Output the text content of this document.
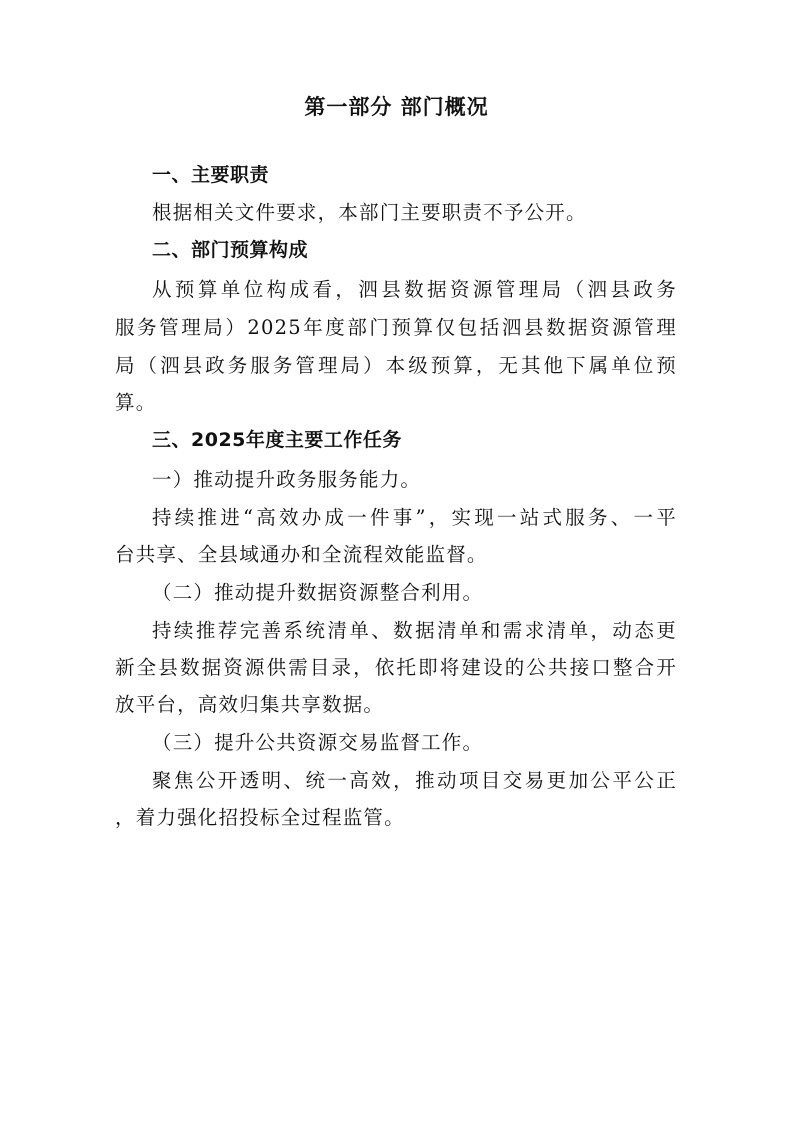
第一部分 部门概况
一、主要职责
根据相关文件要求，本部门主要职责不予公开。
二、部门预算构成
从预算单位构成看，泗县数据资源管理局（泗县政务
服务管理局）2025年度部门预算仅包括泗县数据资源管理
局（泗县政务服务管理局）本级预算，无其他下属单位预
算。
三、2025年度主要工作任务
一）推动提升政务服务能力。
持续推进“高效办成一件事”，实现一站式服务、一平
台共享、全县域通办和全流程效能监督。
（二）推动提升数据资源整合利用。
持续推荐完善系统清单、数据清单和需求清单，动态更
新全县数据资源供需目录，依托即将建设的公共接口整合开
放平台，高效归集共享数据。
（三）提升公共资源交易监督工作。
聚焦公开透明、统一高效，推动项目交易更加公平公正
，着力强化招投标全过程监管。
